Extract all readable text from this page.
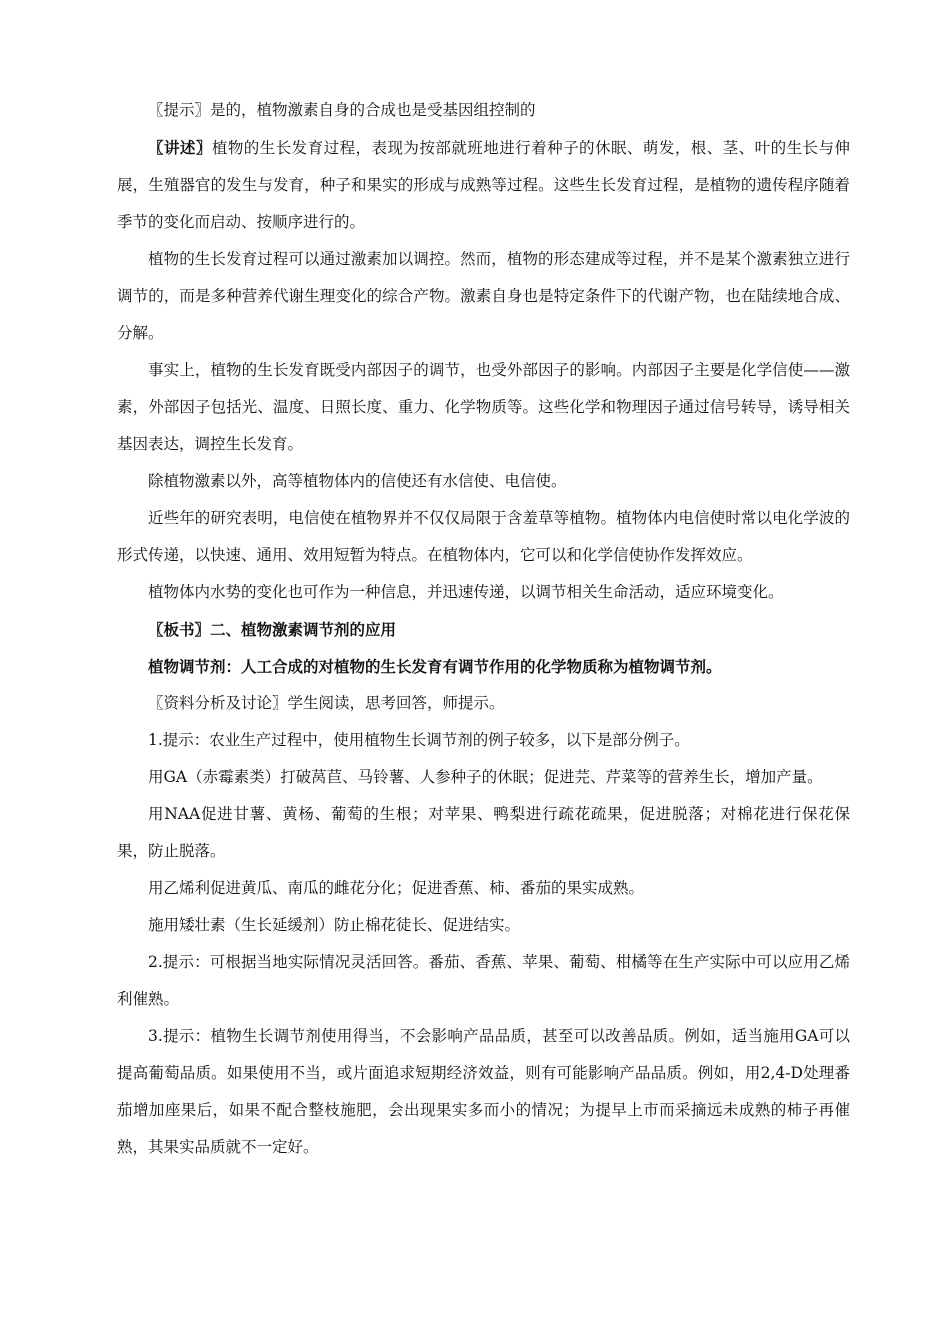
〖提示〗是的，植物激素自身的合成也是受基因组控制的

〖讲述〗植物的生长发育过程，表现为按部就班地进行着种子的休眠、萌发，根、茎、叶的生长与伸展，生殖器官的发生与发育，种子和果实的形成与成熟等过程。这些生长发育过程，是植物的遗传程序随着季节的变化而启动、按顺序进行的。

植物的生长发育过程可以通过激素加以调控。然而，植物的形态建成等过程，并不是某个激素独立进行调节的，而是多种营养代谢生理变化的综合产物。激素自身也是特定条件下的代谢产物，也在陆续地合成、分解。

事实上，植物的生长发育既受内部因子的调节，也受外部因子的影响。内部因子主要是化学信使——激素，外部因子包括光、温度、日照长度、重力、化学物质等。这些化学和物理因子通过信号转导，诱导相关基因表达，调控生长发育。

除植物激素以外，高等植物体内的信使还有水信使、电信使。

近些年的研究表明，电信使在植物界并不仅仅局限于含羞草等植物。植物体内电信使时常以电化学波的形式传递，以快速、通用、效用短暂为特点。在植物体内，它可以和化学信使协作发挥效应。

植物体内水势的变化也可作为一种信息，并迅速传递，以调节相关生命活动，适应环境变化。

〖板书〗二、植物激素调节剂的应用

植物调节剂：人工合成的对植物的生长发育有调节作用的化学物质称为植物调节剂。

〖资料分析及讨论〗学生阅读，思考回答，师提示。

1.提示：农业生产过程中，使用植物生长调节剂的例子较多，以下是部分例子。

用GA（赤霉素类）打破莴苣、马铃薯、人参种子的休眠；促进芫、芹菜等的营养生长，增加产量。

用NAA促进甘薯、黄杨、葡萄的生根；对苹果、鸭梨进行疏花疏果，促进脱落；对棉花进行保花保果，防止脱落。

用乙烯利促进黄瓜、南瓜的雌花分化；促进香蕉、柿、番茄的果实成熟。

施用矮壮素（生长延缓剂）防止棉花徒长、促进结实。

2.提示：可根据当地实际情况灵活回答。番茄、香蕉、苹果、葡萄、柑橘等在生产实际中可以应用乙烯利催熟。

3.提示：植物生长调节剂使用得当，不会影响产品品质，甚至可以改善品质。例如，适当施用GA可以提高葡萄品质。如果使用不当，或片面追求短期经济效益，则有可能影响产品品质。例如，用2,4-D处理番茄增加座果后，如果不配合整枝施肥，会出现果实多而小的情况；为提早上市而采摘远未成熟的柿子再催熟，其果实品质就不一定好。
